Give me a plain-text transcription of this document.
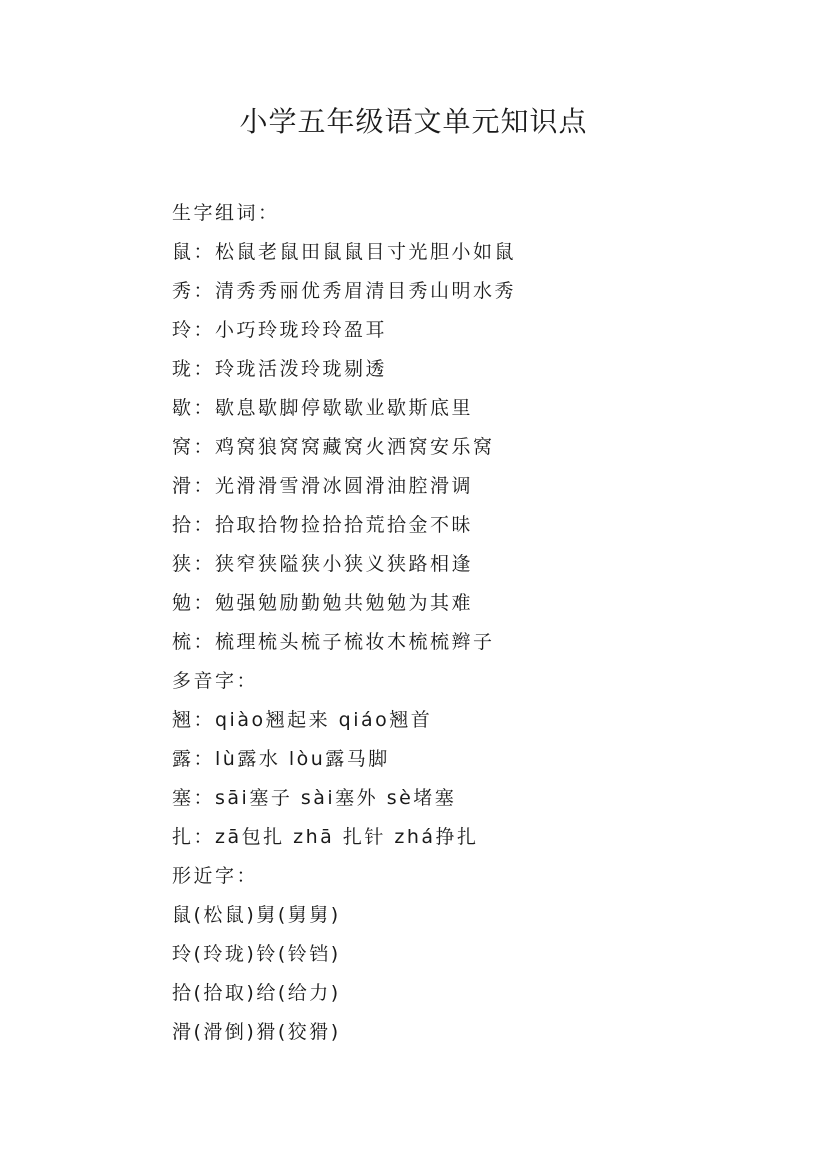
小学五年级语文单元知识点
生字组词：
鼠：松鼠老鼠田鼠鼠目寸光胆小如鼠
秀：清秀秀丽优秀眉清目秀山明水秀
玲：小巧玲珑玲玲盈耳
珑：玲珑活泼玲珑剔透
歇：歇息歇脚停歇歇业歇斯底里
窝：鸡窝狼窝窝藏窝火洒窝安乐窝
滑：光滑滑雪滑冰圆滑油腔滑调
拾：拾取拾物捡拾拾荒拾金不昧
狭：狭窄狭隘狭小狭义狭路相逢
勉：勉强勉励勤勉共勉勉为其难
梳：梳理梳头梳子梳妆木梳梳辫子
多音字：
翘：qiào翘起来 qiáo翘首
露：lù露水 lòu露马脚
塞：sāi塞子 sài塞外 sè堵塞
扎：zā包扎 zhā 扎针 zhá挣扎
形近字：
鼠(松鼠)舅(舅舅)
玲(玲珑)铃(铃铛)
拾(拾取)给(给力)
滑(滑倒)猾(狡猾)
